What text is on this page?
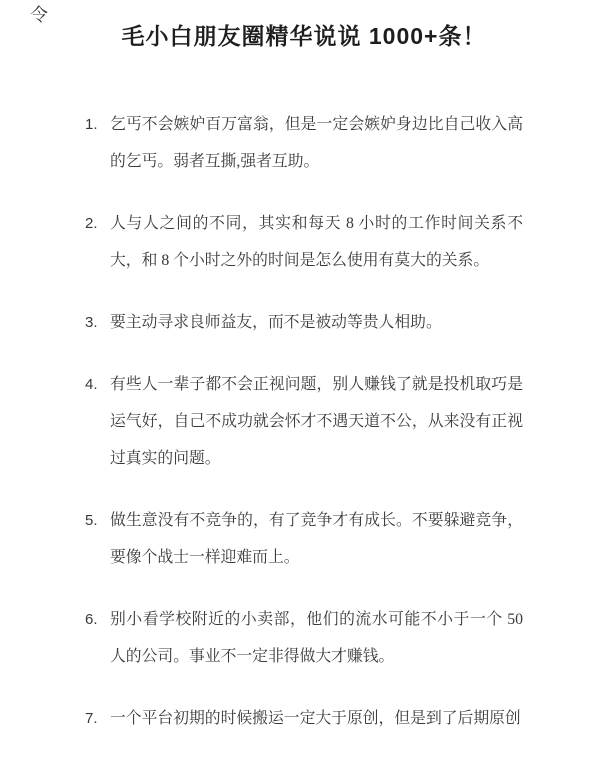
令
毛小白朋友圈精华说说 1000+条！
1. 乞丐不会嫉妒百万富翁，但是一定会嫉妒身边比自己收入高的乞丐。弱者互撕,强者互助。
2. 人与人之间的不同，其实和每天 8 小时的工作时间关系不大，和 8 个小时之外的时间是怎么使用有莫大的关系。
3. 要主动寻求良师益友，而不是被动等贵人相助。
4. 有些人一辈子都不会正视问题，别人赚钱了就是投机取巧是运气好，自己不成功就会怀才不遇天道不公，从来没有正视过真实的问题。
5. 做生意没有不竞争的，有了竞争才有成长。不要躲避竞争，要像个战士一样迎难而上。
6. 别小看学校附近的小卖部，他们的流水可能不小于一个 50 人的公司。事业不一定非得做大才赚钱。
7. 一个平台初期的时候搬运一定大于原创，但是到了后期原创
